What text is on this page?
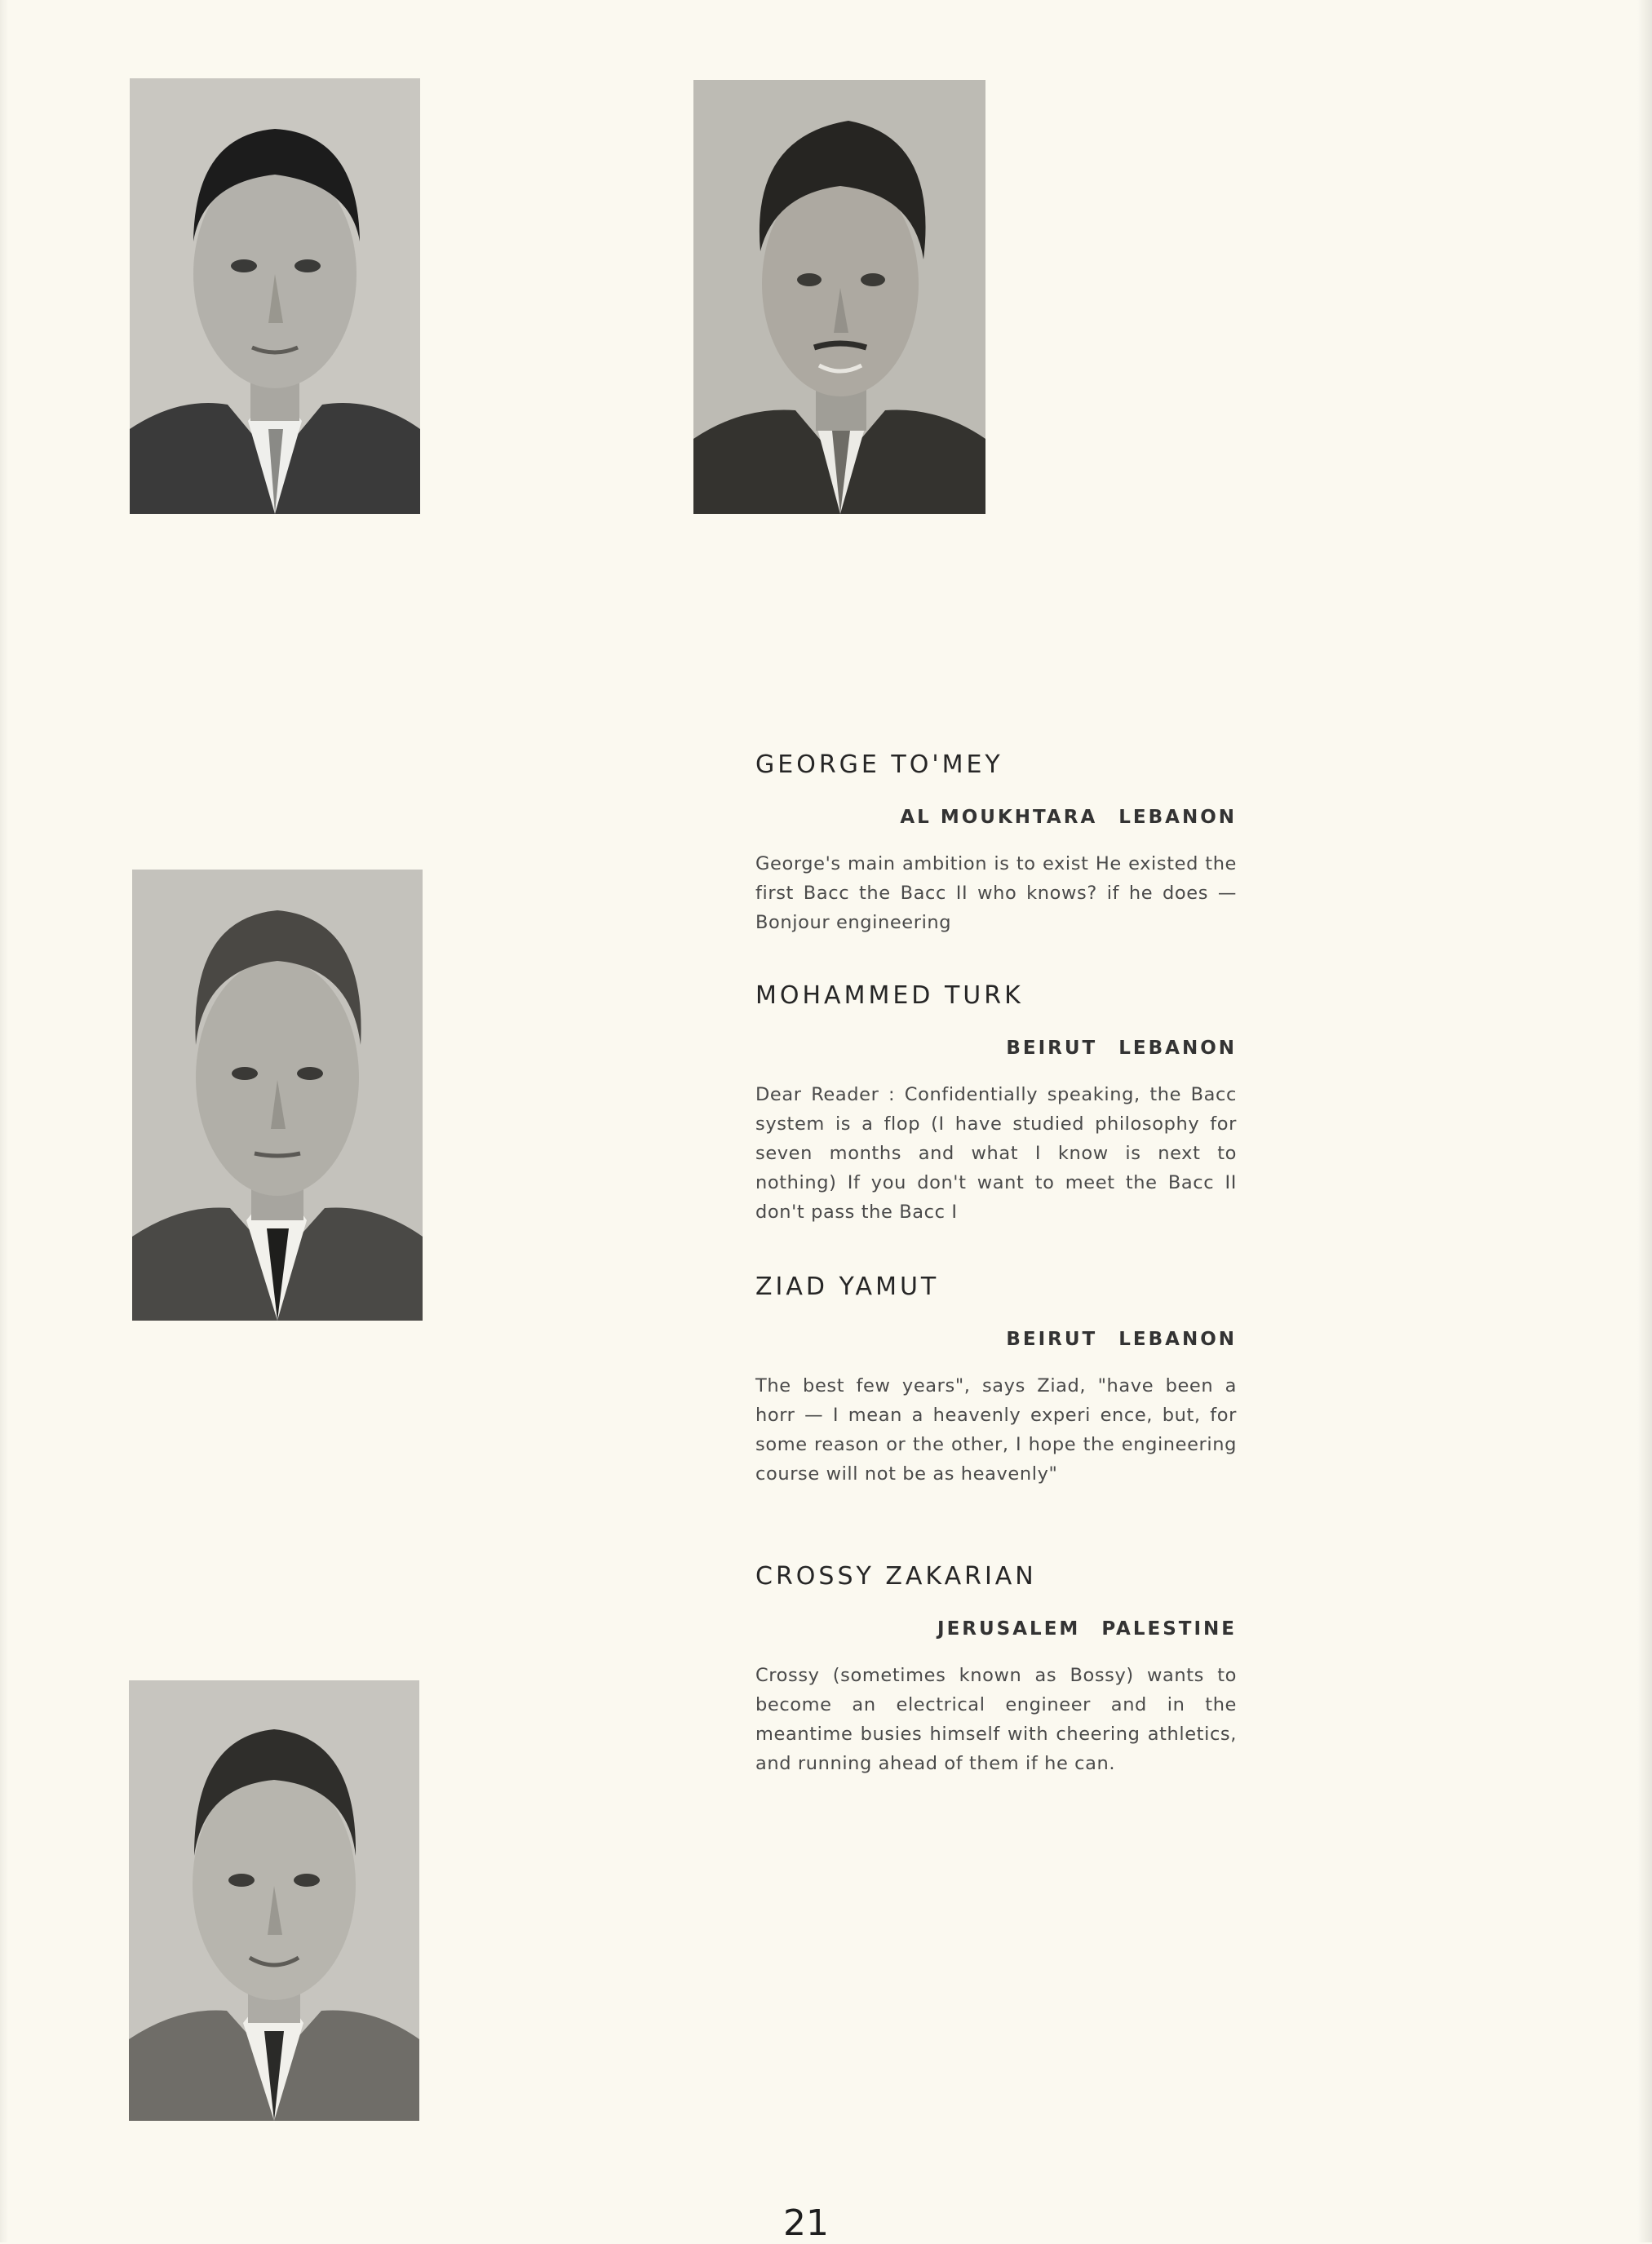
GEORGE TO'MEY
AL MOUKHTARA LEBANON
George's main ambition is to exist He existed the first Bacc the Bacc II who knows? if he does — Bonjour engineering
MOHAMMED TURK
BEIRUT LEBANON
Dear Reader : Confidentially speaking, the Bacc system is a flop (I have studied philosophy for seven months and what I know is next to nothing) If you don't want to meet the Bacc II don't pass the Bacc I
ZIAD YAMUT
BEIRUT LEBANON
The best few years", says Ziad, "have been a horr — I mean a heavenly experi ence, but, for some reason or the other, I hope the engineering course will not be as heavenly"
CROSSY ZAKARIAN
JERUSALEM PALESTINE
Crossy (sometimes known as Bossy) wants to become an electrical engineer and in the meantime busies himself with cheering athletics, and running ahead of them if he can.
21
